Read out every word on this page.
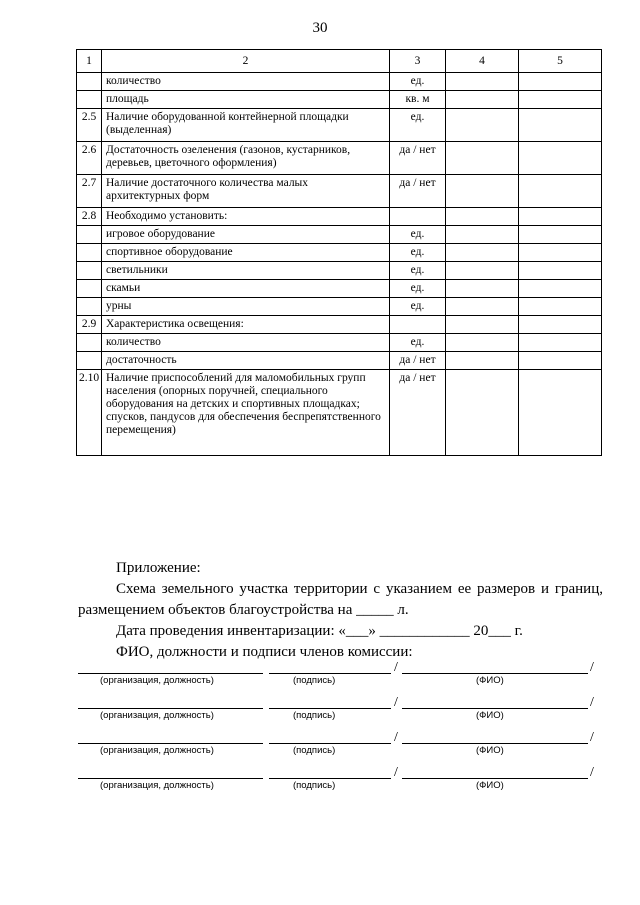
30
1	2	3	4	5
	количество	ед.		
	площадь	кв. м		
2.5	Наличие оборудованной контейнерной площадки (выделенная)	ед.		
2.6	Достаточность озеленения (газонов, кустарников, деревьев, цветочного оформления)	да / нет		
2.7	Наличие достаточного количества малых архитектурных форм	да / нет		
2.8	Необходимо установить:			
	игровое оборудование	ед.		
	спортивное оборудование	ед.		
	светильники	ед.		
	скамьи	ед.		
	урны	ед.		
2.9	Характеристика освещения:			
	количество	ед.		
	достаточность	да / нет		
2.10	Наличие приспособлений для маломобильных групп населения (опорных поручней, специального оборудования на детских и спортивных площадках; спусков, пандусов для обеспечения беспрепятственного перемещения)	да / нет		

Приложение:

Схема земельного участка территории с указанием ее размеров и границ, размещением объектов благоустройства на _____ л.

Дата проведения инвентаризации: «___» ____________ 20___ г.

ФИО, должности и подписи членов комиссии:

/	/
(организация, должность)	(подпись)	(ФИО)
/	/
(организация, должность)	(подпись)	(ФИО)
/	/
(организация, должность)	(подпись)	(ФИО)
/	/
(организация, должность)	(подпись)	(ФИО)
